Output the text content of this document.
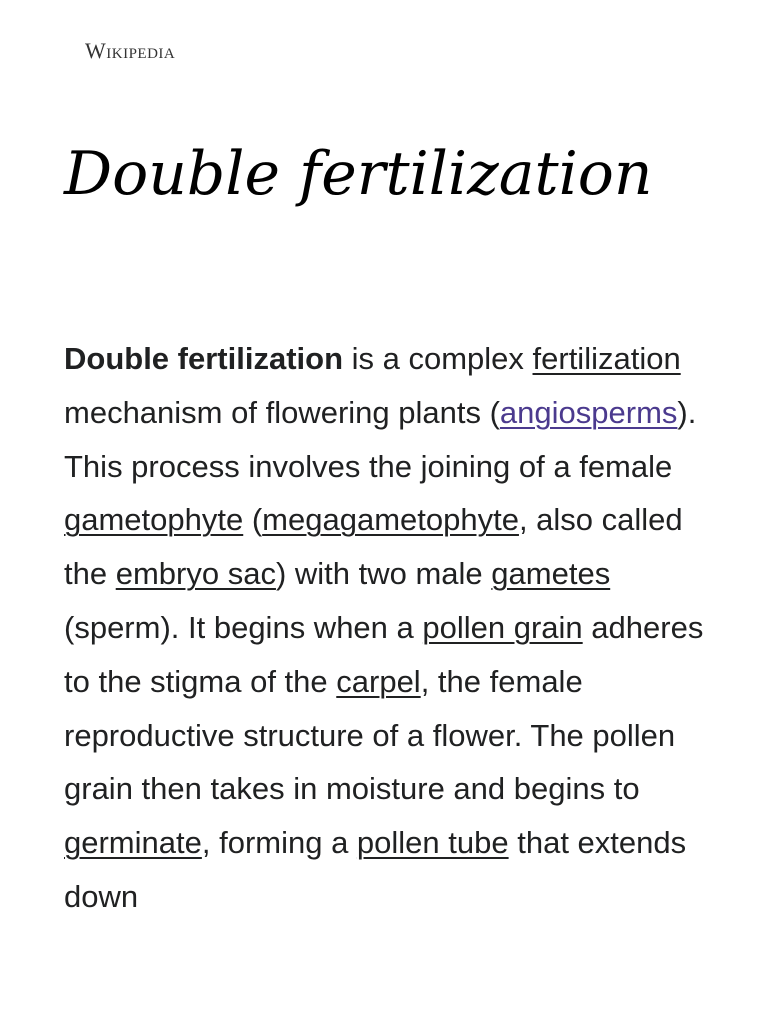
Wikipedia
Double fertilization

Double fertilization is a complex fertilization mechanism of flowering plants (angiosperms). This process involves the joining of a female gametophyte (megagametophyte, also called the embryo sac) with two male gametes (sperm). It begins when a pollen grain adheres to the stigma of the carpel, the female reproductive structure of a flower. The pollen grain then takes in moisture and begins to germinate, forming a pollen tube that extends down
